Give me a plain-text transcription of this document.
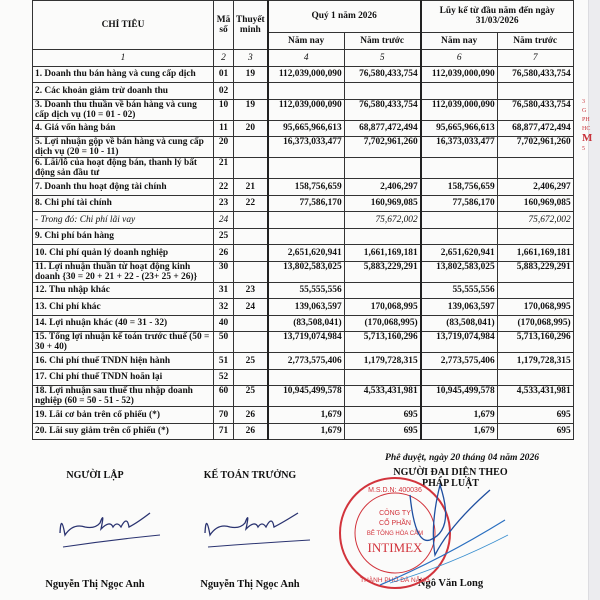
3
G
PH
HC
M
5
CHỈ TIÊU	Mã số	Thuyết minh	Quý 1 năm 2026		Lũy kế từ đầu năm đến ngày 31/03/2026	
			Năm nay	Năm trước	Năm nay	Năm trước
1	2	3	4	5	6	7
1. Doanh thu bán hàng và cung cấp dịch	01	19	112,039,000,090	76,580,433,754	112,039,000,090	76,580,433,754
2. Các khoản giảm trừ doanh thu	02					
3. Doanh thu thuần về bán hàng và cung cấp dịch vụ (10 = 01 - 02)	10	19	112,039,000,090	76,580,433,754	112,039,000,090	76,580,433,754
4. Giá vốn hàng bán	11	20	95,665,966,613	68,877,472,494	95,665,966,613	68,877,472,494
5. Lợi nhuận gộp về bán hàng và cung cấp dịch vụ (20 = 10 - 11)	20		16,373,033,477	7,702,961,260	16,373,033,477	7,702,961,260
6. Lãi/lỗ của hoạt động bán, thanh lý bất động sản đầu tư	21					
7. Doanh thu hoạt động tài chính	22	21	158,756,659	2,406,297	158,756,659	2,406,297
8. Chi phí tài chính	23	22	77,586,170	160,969,085	77,586,170	160,969,085
- Trong đó: Chi phí lãi vay	24			75,672,002		75,672,002
9. Chi phí bán hàng	25					
10. Chi phí quản lý doanh nghiệp	26		2,651,620,941	1,661,169,181	2,651,620,941	1,661,169,181
11. Lợi nhuận thuần từ hoạt động kinh doanh {30 = 20 + 21 + 22 - (23+ 25 + 26)}	30		13,802,583,025	5,883,229,291	13,802,583,025	5,883,229,291
12. Thu nhập khác	31	23	55,555,556		55,555,556	
13. Chi phí khác	32	24	139,063,597	170,068,995	139,063,597	170,068,995
14. Lợi nhuận khác (40 = 31 - 32)	40		(83,508,041)	(170,068,995)	(83,508,041)	(170,068,995)
15. Tổng lợi nhuận kế toán trước thuế (50 = 30 + 40)	50		13,719,074,984	5,713,160,296	13,719,074,984	5,713,160,296
16. Chi phí thuế TNDN hiện hành	51	25	2,773,575,406	1,179,728,315	2,773,575,406	1,179,728,315
17. Chi phí thuế TNDN hoãn lại	52					
18. Lợi nhuận sau thuế thu nhập doanh nghiệp (60 = 50 - 51 - 52)	60	25	10,945,499,578	4,533,431,981	10,945,499,578	4,533,431,981
19. Lãi cơ bản trên cổ phiếu (*)	70	26	1,679	695	1,679	695
20. Lãi suy giảm trên cổ phiếu (*)	71	26	1,679	695	1,679	695
Phê duyệt, ngày 20 tháng 04 năm 2026
NGƯỜI LẬP
Nguyễn Thị Ngọc Anh
KẾ TOÁN TRƯỞNG
Nguyễn Thị Ngọc Anh
NGƯỜI ĐẠI DIỆN THEO PHÁP LUẬT
Ngô Văn Long
M.S.D.N: 400036
CÔNG TY
CỔ PHẦN
BÊ TÔNG HÒA CẦM
INTIMEX
THÀNH PHỐ ĐÀ NẴNG
